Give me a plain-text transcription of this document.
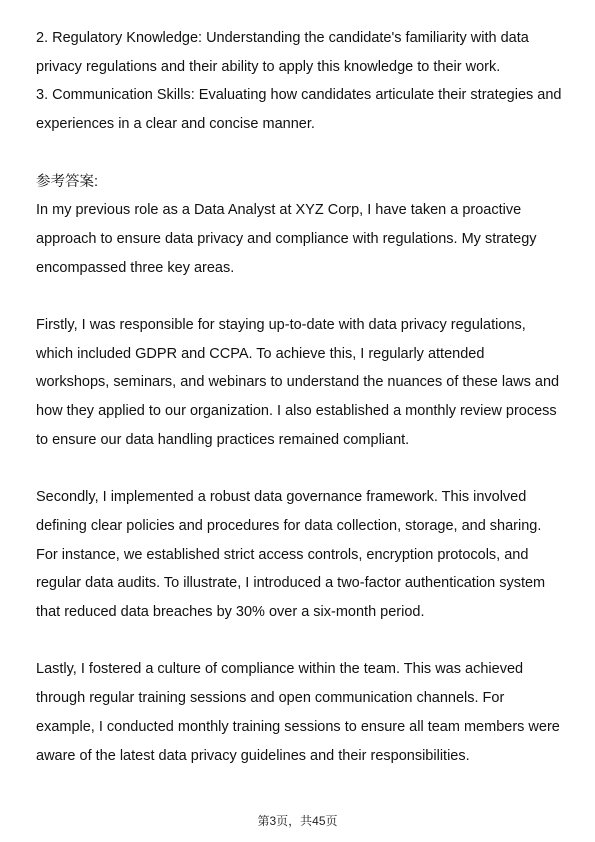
2. Regulatory Knowledge: Understanding the candidate's familiarity with data

privacy regulations and their ability to apply this knowledge to their work.

3. Communication Skills: Evaluating how candidates articulate their strategies and

experiences in a clear and concise manner.

参考答案:

In my previous role as a Data Analyst at XYZ Corp, I have taken a proactive

approach to ensure data privacy and compliance with regulations. My strategy

encompassed three key areas.

Firstly, I was responsible for staying up-to-date with data privacy regulations,

which included GDPR and CCPA. To achieve this, I regularly attended

workshops, seminars, and webinars to understand the nuances of these laws and

how they applied to our organization. I also established a monthly review process

to ensure our data handling practices remained compliant.

Secondly, I implemented a robust data governance framework. This involved

defining clear policies and procedures for data collection, storage, and sharing.

For instance, we established strict access controls, encryption protocols, and

regular data audits. To illustrate, I introduced a two-factor authentication system

that reduced data breaches by 30% over a six-month period.

Lastly, I fostered a culture of compliance within the team. This was achieved

through regular training sessions and open communication channels. For

example, I conducted monthly training sessions to ensure all team members were

aware of the latest data privacy guidelines and their responsibilities.

第3页，共45页
